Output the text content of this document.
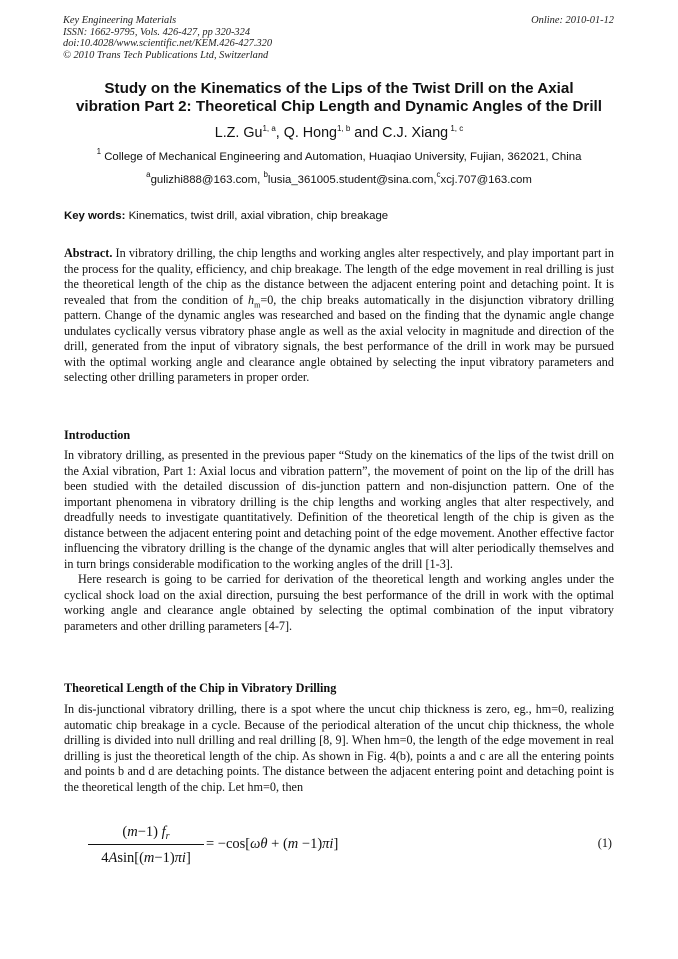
Key Engineering Materials
ISSN: 1662-9795, Vols. 426-427, pp 320-324
doi:10.4028/www.scientific.net/KEM.426-427.320
© 2010 Trans Tech Publications Ltd, Switzerland
Online: 2010-01-12
Study on the Kinematics of the Lips of the Twist Drill on the Axial
vibration Part 2: Theoretical Chip Length and Dynamic Angles of the Drill
L.Z. Gu$^{1, a}$, Q. Hong$^{1, b}$ and C.J. Xiang $^{1, c}$
$^1$ College of Mechanical Engineering and Automation, Huaqiao University, Fujian, 362021, China
$^a$gulizhi888@163.com, $^b$lusia_361005.student@sina.com,$^c$xcj.707@163.com
Key words: Kinematics, twist drill, axial vibration, chip breakage

Abstract. In vibratory drilling, the chip lengths and working angles alter respectively, and play important part in the process for the quality, efficiency, and chip breakage. The length of the edge movement in real drilling is just the theoretical length of the chip as the distance between the adjacent entering point and detaching point. It is revealed that from the condition of $h_m=0$, the chip breaks automatically in the disjunction vibratory drilling pattern. Change of the dynamic angles was researched and based on the finding that the dynamic angle change undulates cyclically versus vibratory phase angle as well as the axial velocity in magnitude and direction of the drill, generated from the input of vibratory signals, the best performance of the drill in work may be pursued with the optimal working angle and clearance angle obtained by selecting the input vibratory parameters and selecting other drilling parameters in proper order.

Introduction

In vibratory drilling, as presented in the previous paper “Study on the kinematics of the lips of the twist drill on the Axial vibration, Part 1: Axial locus and vibration pattern”, the movement of point on the lip of the drill has been studied with the detailed discussion of dis-junction pattern and non-disjunction pattern. One of the important phenomena in vibratory drilling is the chip lengths and working angles that alter respectively, and dreadfully needs to investigate quantitatively. Definition of the theoretical length of the chip is given as the distance between the adjacent entering point and detaching point of the edge movement. Another effective factor influencing the vibratory drilling is the change of the dynamic angles that will alter periodically themselves and in turn brings considerable modification to the working angles of the drill [1-3].

Here research is going to be carried for derivation of the theoretical length and working angles under the cyclical shock load on the axial direction, pursuing the best performance of the drill in work with the optimal working angle and clearance angle obtained by selecting the optimal combination of the input vibratory parameters and other drilling parameters [4-7].

Theoretical Length of the Chip in Vibratory Drilling

In dis-junctional vibratory drilling, there is a spot where the uncut chip thickness is zero, eg., hm=0, realizing automatic chip breakage in a cycle. Because of the periodical alteration of the uncut chip thickness, the whole drilling is divided into null drilling and real drilling [8, 9]. When hm=0, the length of the edge movement in real drilling is just the theoretical length of the chip. As shown in Fig. 4(b), points a and c are all the entering points and points b and d are detaching points. The distance between the adjacent entering point and detaching point is the theoretical length of the chip. Let hm=0, then

(m−1) $f_r$
4Asin[(m−1)πi]
= −cos[ωθ + (m −1)πi]	(1)
